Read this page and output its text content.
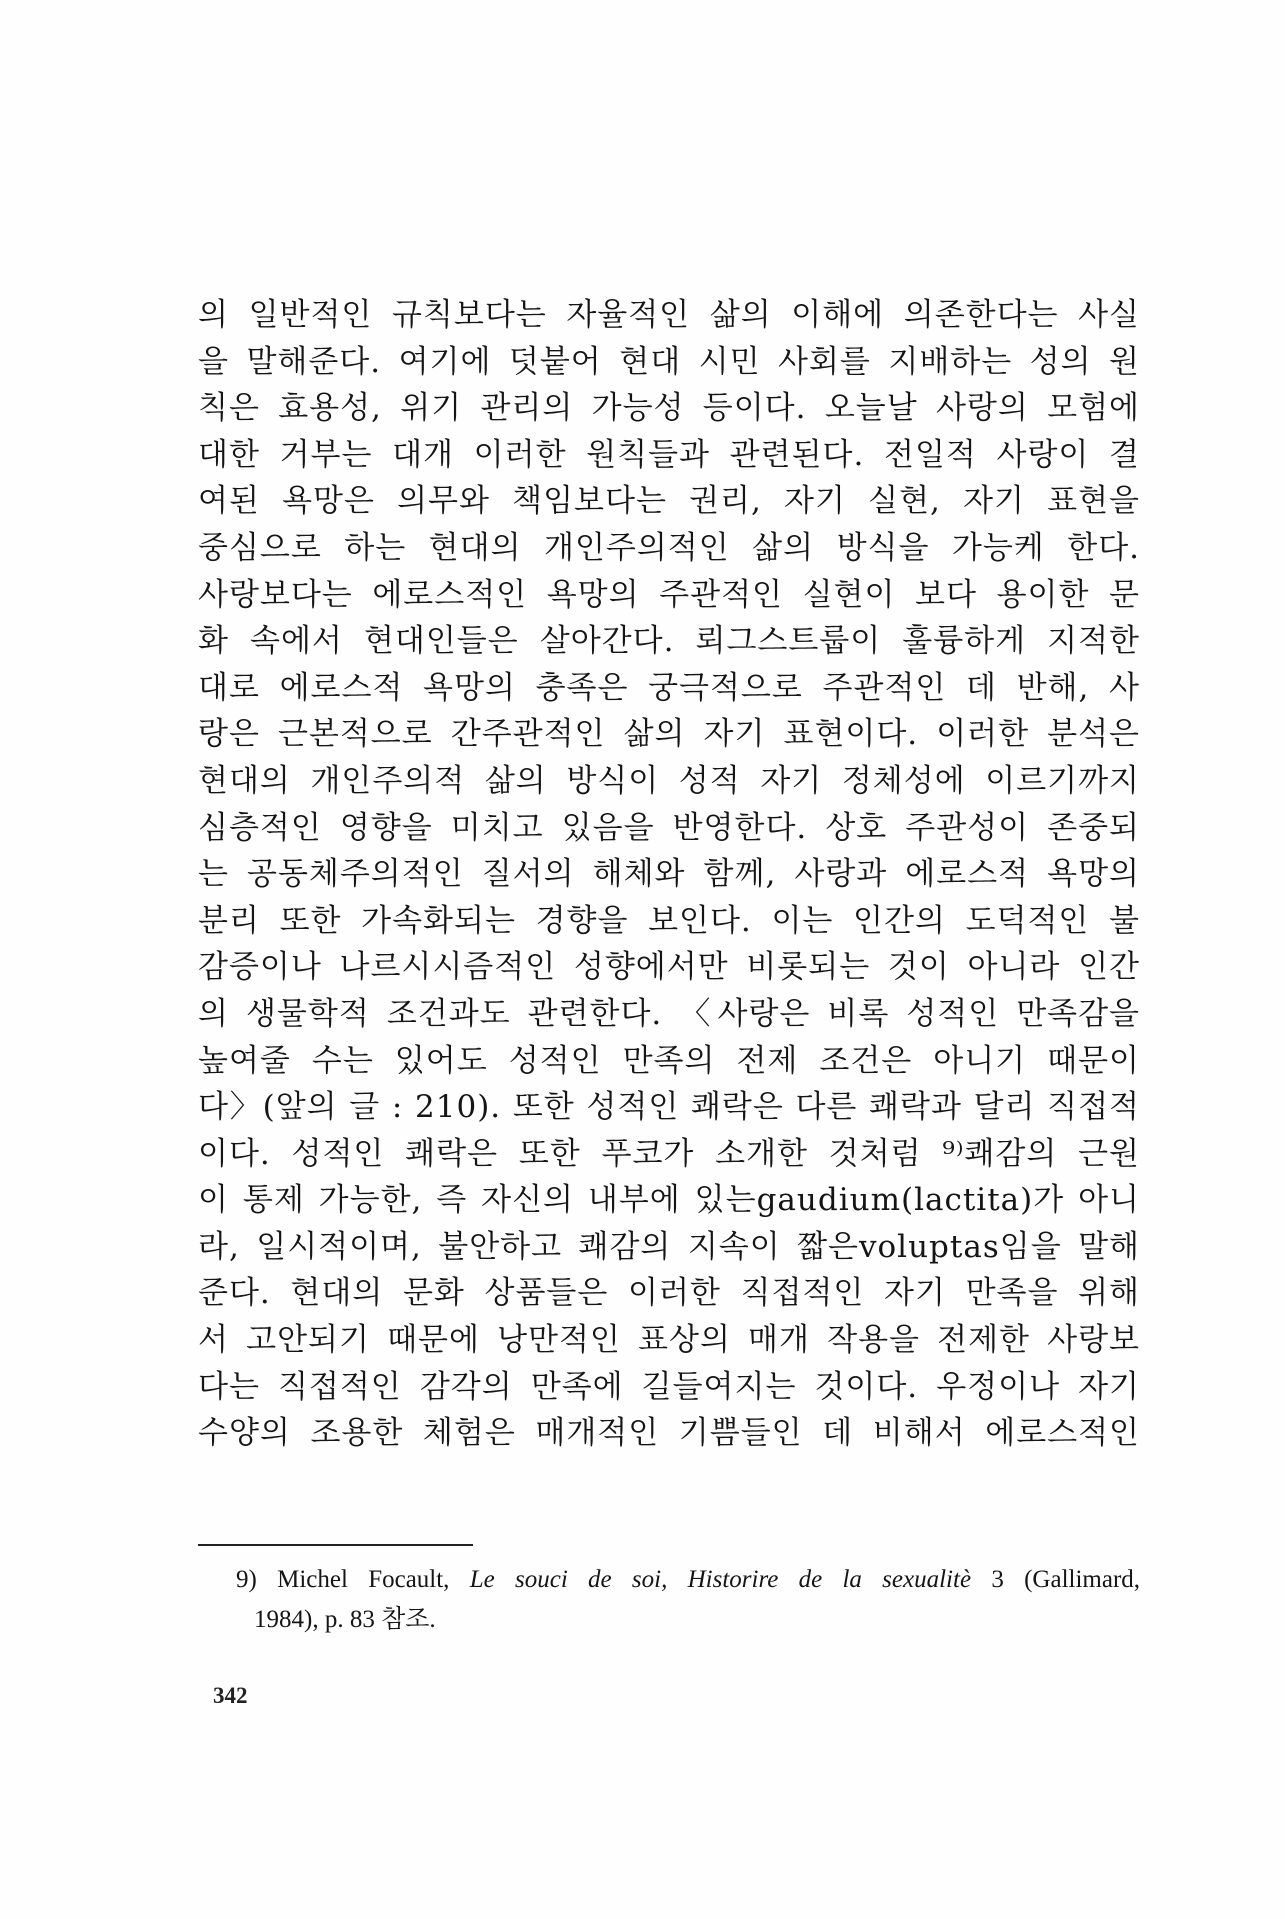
의 일반적인 규칙보다는 자율적인 삶의 이해에 의존한다는 사실
을 말해준다. 여기에 덧붙어 현대 시민 사회를 지배하는 성의 원
칙은 효용성, 위기 관리의 가능성 등이다. 오늘날 사랑의 모험에
대한 거부는 대개 이러한 원칙들과 관련된다. 전일적 사랑이 결
여된 욕망은 의무와 책임보다는 권리, 자기 실현, 자기 표현을
중심으로 하는 현대의 개인주의적인 삶의 방식을 가능케 한다.
사랑보다는 에로스적인 욕망의 주관적인 실현이 보다 용이한 문
화 속에서 현대인들은 살아간다. 뢰그스트룹이 훌륭하게 지적한
대로 에로스적 욕망의 충족은 궁극적으로 주관적인 데 반해, 사
랑은 근본적으로 간주관적인 삶의 자기 표현이다. 이러한 분석은
현대의 개인주의적 삶의 방식이 성적 자기 정체성에 이르기까지
심층적인 영향을 미치고 있음을 반영한다. 상호 주관성이 존중되
는 공동체주의적인 질서의 해체와 함께, 사랑과 에로스적 욕망의
분리 또한 가속화되는 경향을 보인다. 이는 인간의 도덕적인 불
감증이나 나르시시즘적인 성향에서만 비롯되는 것이 아니라 인간
의 생물학적 조건과도 관련한다. 〈사랑은 비록 성적인 만족감을
높여줄 수는 있어도 성적인 만족의 전제 조건은 아니기 때문이
다〉(앞의 글 : 210). 또한 성적인 쾌락은 다른 쾌락과 달리 직접적
이다. 성적인 쾌락은 또한 푸코가 소개한 것처럼 ⁹⁾쾌감의 근원
이 통제 가능한, 즉 자신의 내부에 있는gaudium(lactita)가 아니
라, 일시적이며, 불안하고 쾌감의 지속이 짧은voluptas임을 말해
준다. 현대의 문화 상품들은 이러한 직접적인 자기 만족을 위해
서 고안되기 때문에 낭만적인 표상의 매개 작용을 전제한 사랑보
다는 직접적인 감각의 만족에 길들여지는 것이다. 우정이나 자기
수양의 조용한 체험은 매개적인 기쁨들인 데 비해서 에로스적인
9) Michel Focault, Le souci de soi, Historire de la sexualitè 3 (Gallimard,
1984), p. 83 참조.
342
